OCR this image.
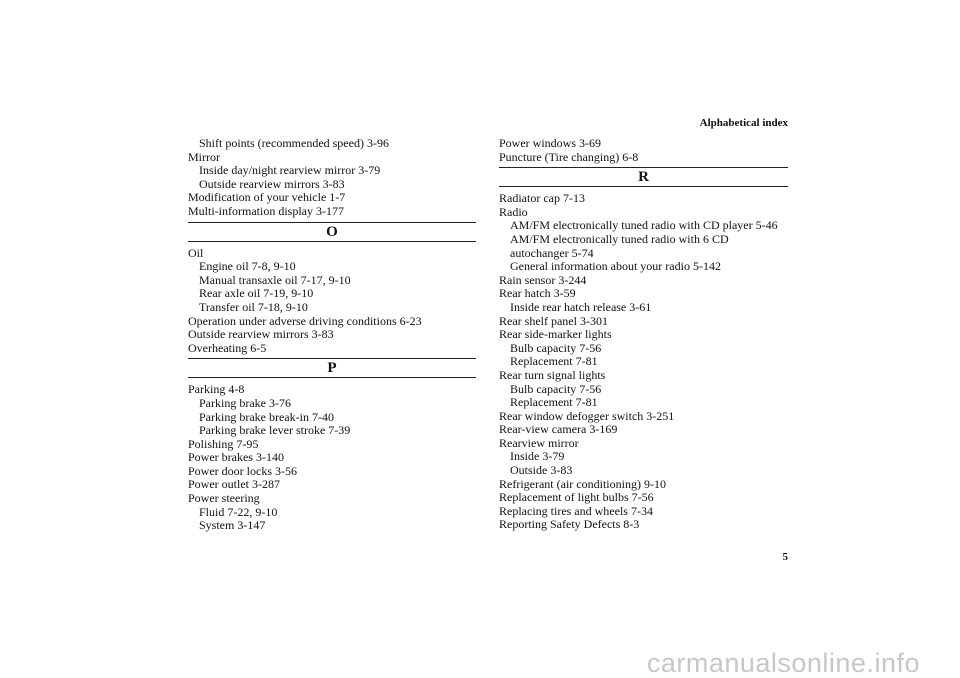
Alphabetical index
Shift points (recommended speed) 3-96
Mirror
Inside day/night rearview mirror 3-79
Outside rearview mirrors 3-83
Modification of your vehicle 1-7
Multi-information display 3-177
O
Oil
Engine oil 7-8, 9-10
Manual transaxle oil 7-17, 9-10
Rear axle oil 7-19, 9-10
Transfer oil 7-18, 9-10
Operation under adverse driving conditions 6-23
Outside rearview mirrors 3-83
Overheating 6-5
P
Parking 4-8
Parking brake 3-76
Parking brake break-in 7-40
Parking brake lever stroke 7-39
Polishing 7-95
Power brakes 3-140
Power door locks 3-56
Power outlet 3-287
Power steering
Fluid 7-22, 9-10
System 3-147
Power windows 3-69
Puncture (Tire changing) 6-8
R
Radiator cap 7-13
Radio
AM/FM electronically tuned radio with CD player 5-46
AM/FM electronically tuned radio with 6 CD autochanger 5-74
General information about your radio 5-142
Rain sensor 3-244
Rear hatch 3-59
Inside rear hatch release 3-61
Rear shelf panel 3-301
Rear side-marker lights
Bulb capacity 7-56
Replacement 7-81
Rear turn signal lights
Bulb capacity 7-56
Replacement 7-81
Rear window defogger switch 3-251
Rear-view camera 3-169
Rearview mirror
Inside 3-79
Outside 3-83
Refrigerant (air conditioning) 9-10
Replacement of light bulbs 7-56
Replacing tires and wheels 7-34
Reporting Safety Defects 8-3
5
carmanualsonline.info
